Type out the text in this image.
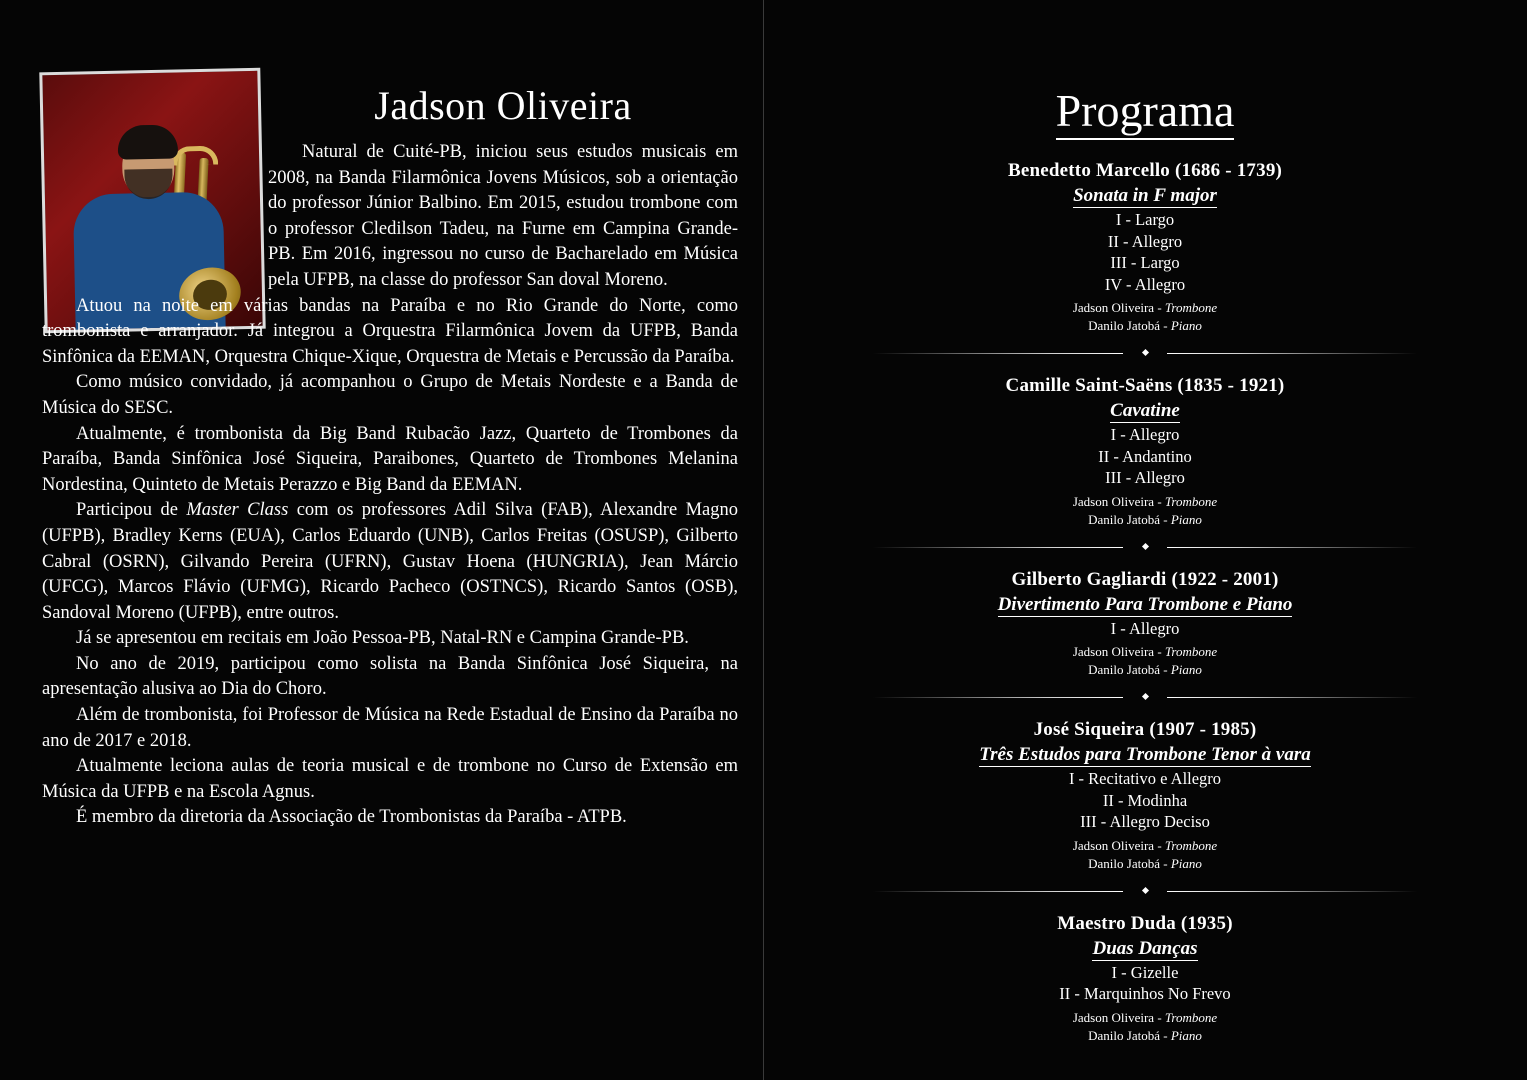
Jadson Oliveira

Natural de Cuité-PB, iniciou seus estudos musicais em 2008, na Banda Filarmônica Jovens Músicos, sob a orientação do professor Júnior Balbino. Em 2015, estudou trombone com o professor Cledilson Tadeu, na Furne em Campina Grande-PB. Em 2016, ingressou no curso de Bacharelado em Música pela UFPB, na classe do professor San doval Moreno.

Atuou na noite em várias bandas na Paraíba e no Rio Grande do Norte, como trombonista e arranjador. Já integrou a Orquestra Filarmônica Jovem da UFPB, Banda Sinfônica da EEMAN, Orquestra Chique-Xique, Orquestra de Metais e Percussão da Paraíba.

Como músico convidado, já acompanhou o Grupo de Metais Nordeste e a Banda de Música do SESC.

Atualmente, é trombonista da Big Band Rubacão Jazz, Quarteto de Trombones da Paraíba, Banda Sinfônica José Siqueira, Paraibones, Quarteto de Trombones Melanina Nordestina, Quinteto de Metais Perazzo e Big Band da EEMAN.

Participou de Master Class com os professores Adil Silva (FAB), Alexandre Magno (UFPB), Bradley Kerns (EUA), Carlos Eduardo (UNB), Carlos Freitas (OSUSP), Gilberto Cabral (OSRN), Gilvando Pereira (UFRN), Gustav Hoena (HUNGRIA), Jean Márcio (UFCG), Marcos Flávio (UFMG), Ricardo Pacheco (OSTNCS), Ricardo Santos (OSB), Sandoval Moreno (UFPB), entre outros.

Já se apresentou em recitais em João Pessoa-PB, Natal-RN e Campina Grande-PB.

No ano de 2019, participou como solista na Banda Sinfônica José Siqueira, na apresentação alusiva ao Dia do Choro.

Além de trombonista, foi Professor de Música na Rede Estadual de Ensino da Paraíba no ano de 2017 e 2018.

Atualmente leciona aulas de teoria musical e de trombone no Curso de Extensão em Música da UFPB e na Escola Agnus.

É membro da diretoria da Associação de Trombonistas da Paraíba - ATPB.

Programa
Benedetto Marcello (1686 - 1739)
Sonata in F major
I - Largo
II - Allegro
III - Largo
IV - Allegro
Jadson Oliveira - Trombone
Danilo Jatobá - Piano
Camille Saint-Saëns (1835 - 1921)
Cavatine
I - Allegro
II - Andantino
III - Allegro
Jadson Oliveira - Trombone
Danilo Jatobá - Piano
Gilberto Gagliardi (1922 - 2001)
Divertimento Para Trombone e Piano
I - Allegro
Jadson Oliveira - Trombone
Danilo Jatobá - Piano
José Siqueira (1907 - 1985)
Três Estudos para Trombone Tenor à vara
I - Recitativo e Allegro
II - Modinha
III - Allegro Deciso
Jadson Oliveira - Trombone
Danilo Jatobá - Piano
Maestro Duda (1935)
Duas Danças
I - Gizelle
II - Marquinhos No Frevo
Jadson Oliveira - Trombone
Danilo Jatobá - Piano
